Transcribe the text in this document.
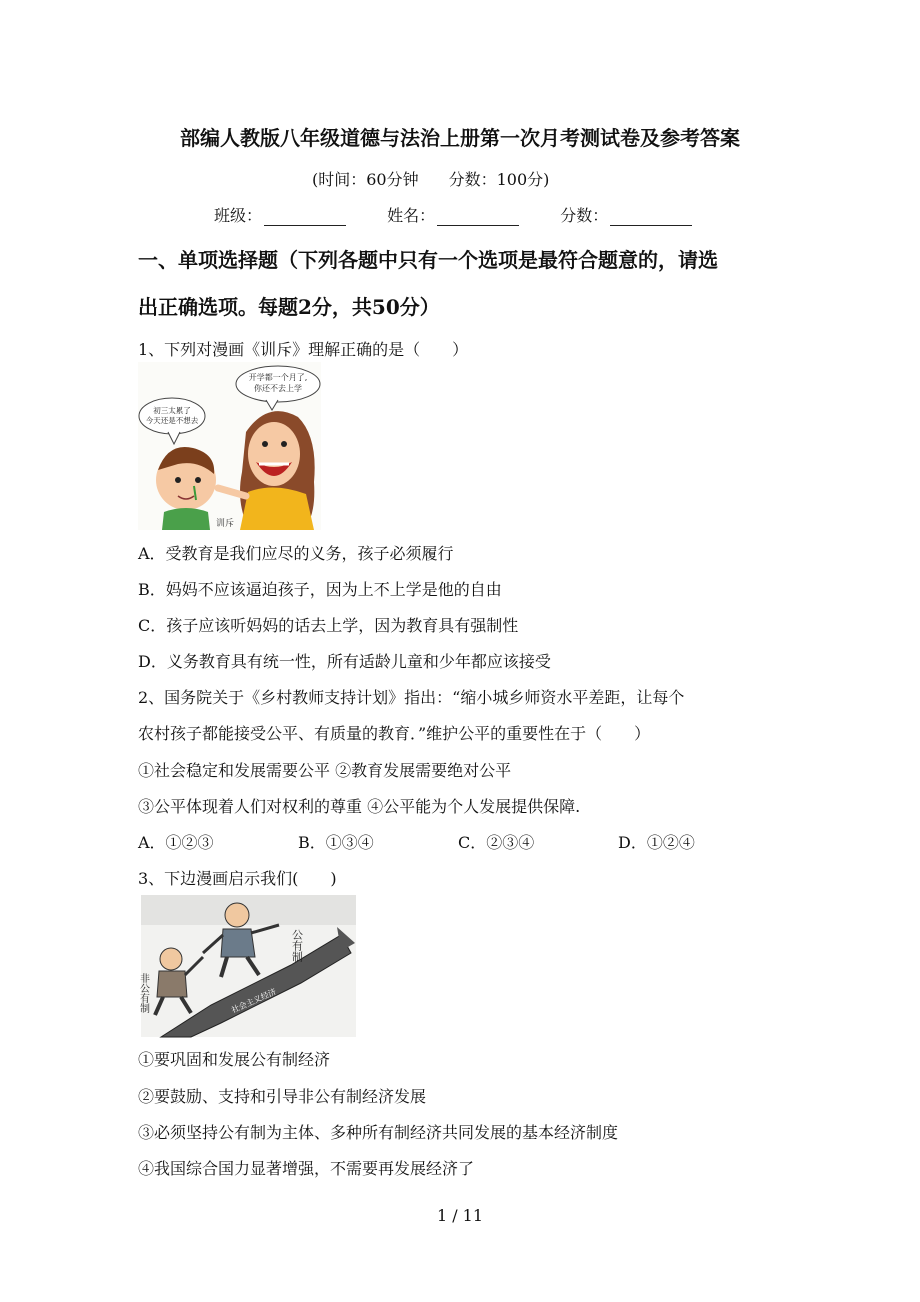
部编人教版八年级道德与法治上册第一次月考测试卷及参考答案
(时间：60分钟 分数：100分)
班级：	姓名：	分数：
一、单项选择题（下列各题中只有一个选项是最符合题意的，请选
出正确选项。每题2分，共50分）
1、下列对漫画《训斥》理解正确的是（　　）
开学都一个月了,
你还不去上学
初三太累了
今天还是不想去
训斥
A．受教育是我们应尽的义务，孩子必须履行
B．妈妈不应该逼迫孩子，因为上不上学是他的自由
C．孩子应该听妈妈的话去上学，因为教育具有强制性
D．义务教育具有统一性，所有适龄儿童和少年都应该接受
2、国务院关于《乡村教师支持计划》指出：“缩小城乡师资水平差距，让每个
农村孩子都能接受公平、有质量的教育．”维护公平的重要性在于（　　）
①社会稳定和发展需要公平 ②教育发展需要绝对公平
③公平体现着人们对权利的尊重 ④公平能为个人发展提供保障.
A．①②③	B．①③④	C．②③④	D．①②④
3、下边漫画启示我们(　　)
社会主义经济
公有制
非公有制
①要巩固和发展公有制经济
②要鼓励、支持和引导非公有制经济发展
③必须坚持公有制为主体、多种所有制经济共同发展的基本经济制度
④我国综合国力显著增强，不需要再发展经济了
1 / 11
